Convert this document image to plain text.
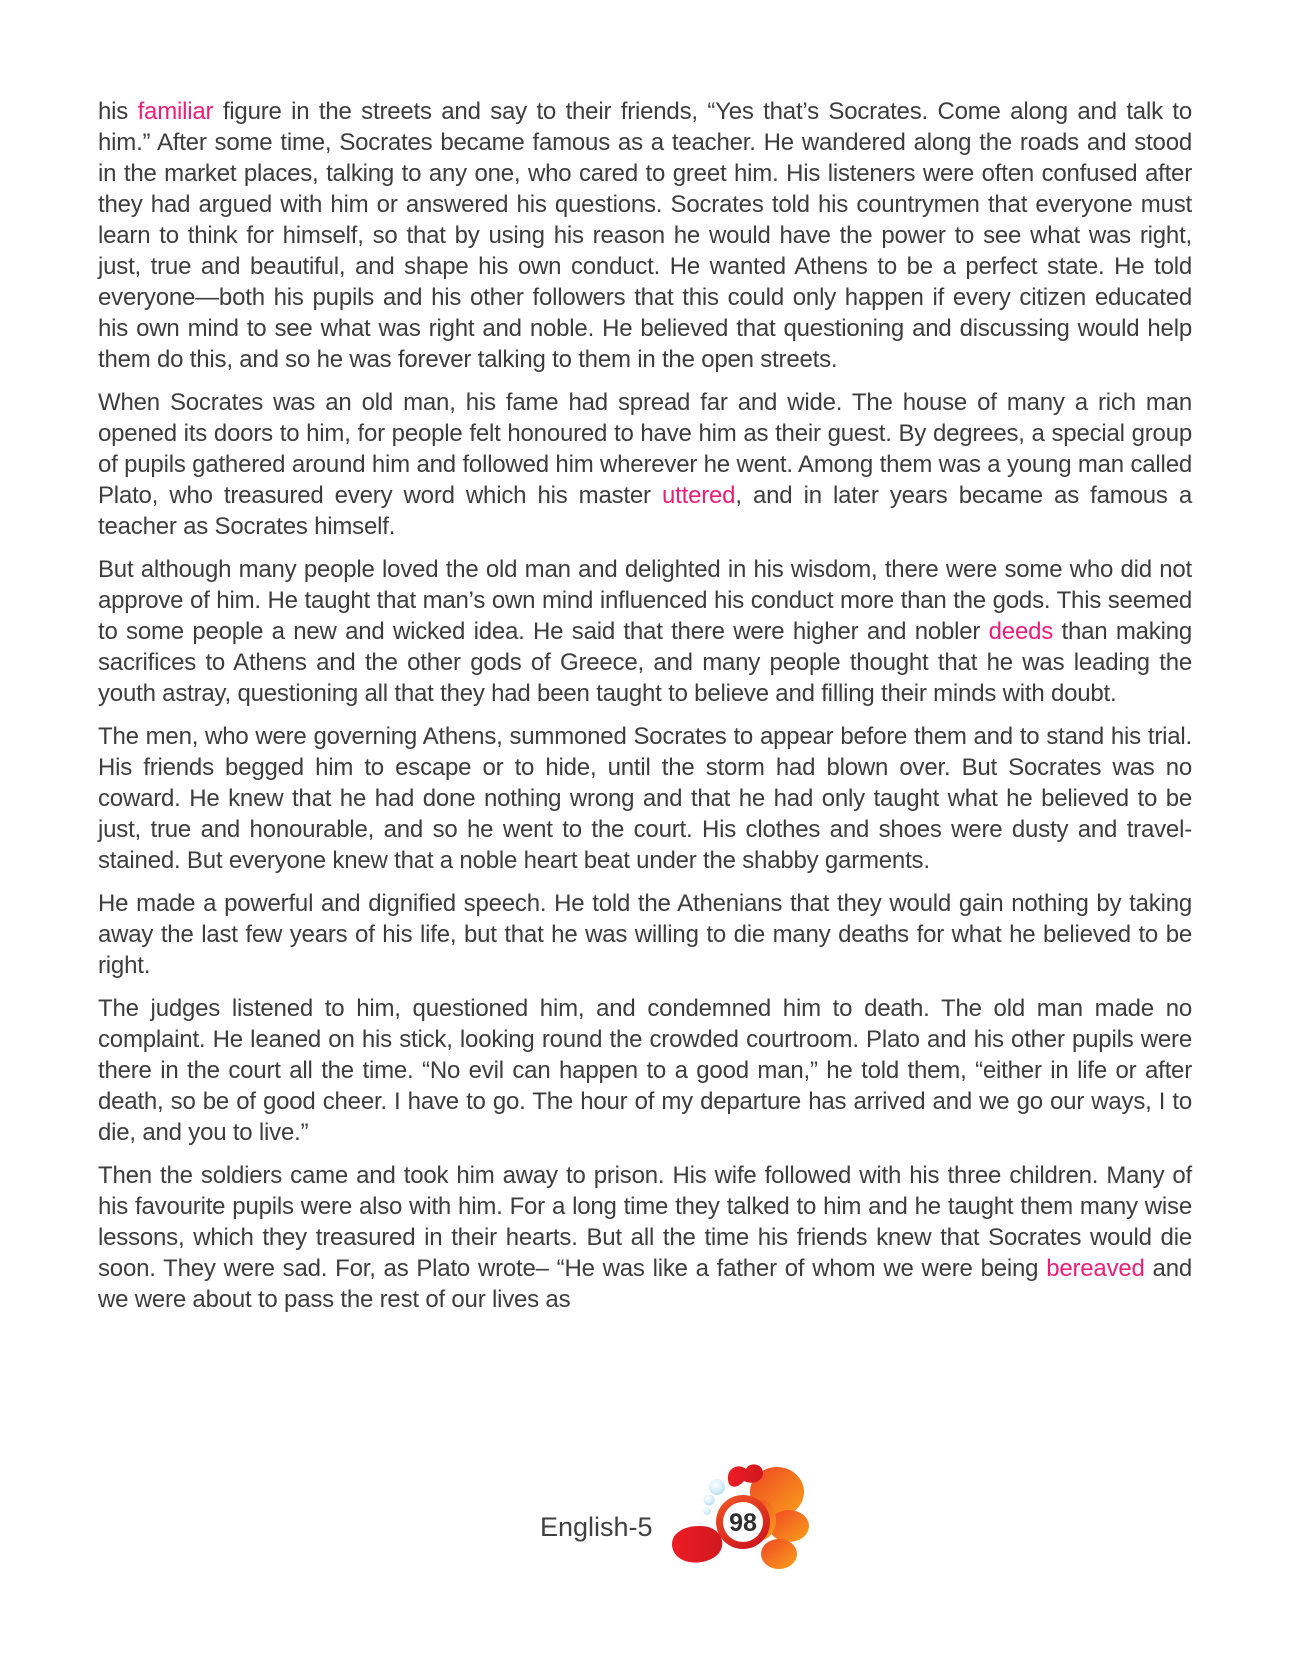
his familiar figure in the streets and say to their friends, “Yes that’s Socrates. Come along and talk to him.” After some time, Socrates became famous as a teacher. He wandered along the roads and stood in the market places, talking to any one, who cared to greet him. His listeners were often confused after they had argued with him or answered his questions. Socrates told his countrymen that everyone must learn to think for himself, so that by using his reason he would have the power to see what was right, just, true and beautiful, and shape his own conduct. He wanted Athens to be a perfect state. He told everyone—both his pupils and his other followers that this could only happen if every citizen educated his own mind to see what was right and noble. He believed that questioning and discussing would help them do this, and so he was forever talking to them in the open streets.

When Socrates was an old man, his fame had spread far and wide. The house of many a rich man opened its doors to him, for people felt honoured to have him as their guest. By degrees, a special group of pupils gathered around him and followed him wherever he went. Among them was a young man called Plato, who treasured every word which his master uttered, and in later years became as famous a teacher as Socrates himself.

But although many people loved the old man and delighted in his wisdom, there were some who did not approve of him. He taught that man’s own mind influenced his conduct more than the gods. This seemed to some people a new and wicked idea. He said that there were higher and nobler deeds than making sacrifices to Athens and the other gods of Greece, and many people thought that he was leading the youth astray, questioning all that they had been taught to believe and filling their minds with doubt.

The men, who were governing Athens, summoned Socrates to appear before them and to stand his trial. His friends begged him to escape or to hide, until the storm had blown over. But Socrates was no coward. He knew that he had done nothing wrong and that he had only taught what he believed to be just, true and honourable, and so he went to the court. His clothes and shoes were dusty and travel-stained. But everyone knew that a noble heart beat under the shabby garments.

He made a powerful and dignified speech. He told the Athenians that they would gain nothing by taking away the last few years of his life, but that he was willing to die many deaths for what he believed to be right.

The judges listened to him, questioned him, and condemned him to death. The old man made no complaint. He leaned on his stick, looking round the crowded courtroom. Plato and his other pupils were there in the court all the time. “No evil can happen to a good man,” he told them, “either in life or after death, so be of good cheer. I have to go. The hour of my departure has arrived and we go our ways, I to die, and you to live.”

Then the soldiers came and took him away to prison. His wife followed with his three children. Many of his favourite pupils were also with him. For a long time they talked to him and he taught them many wise lessons, which they treasured in their hearts. But all the time his friends knew that Socrates would die soon. They were sad. For, as Plato wrote– “He was like a father of whom we were being bereaved and we were about to pass the rest of our lives as

English-5	98
